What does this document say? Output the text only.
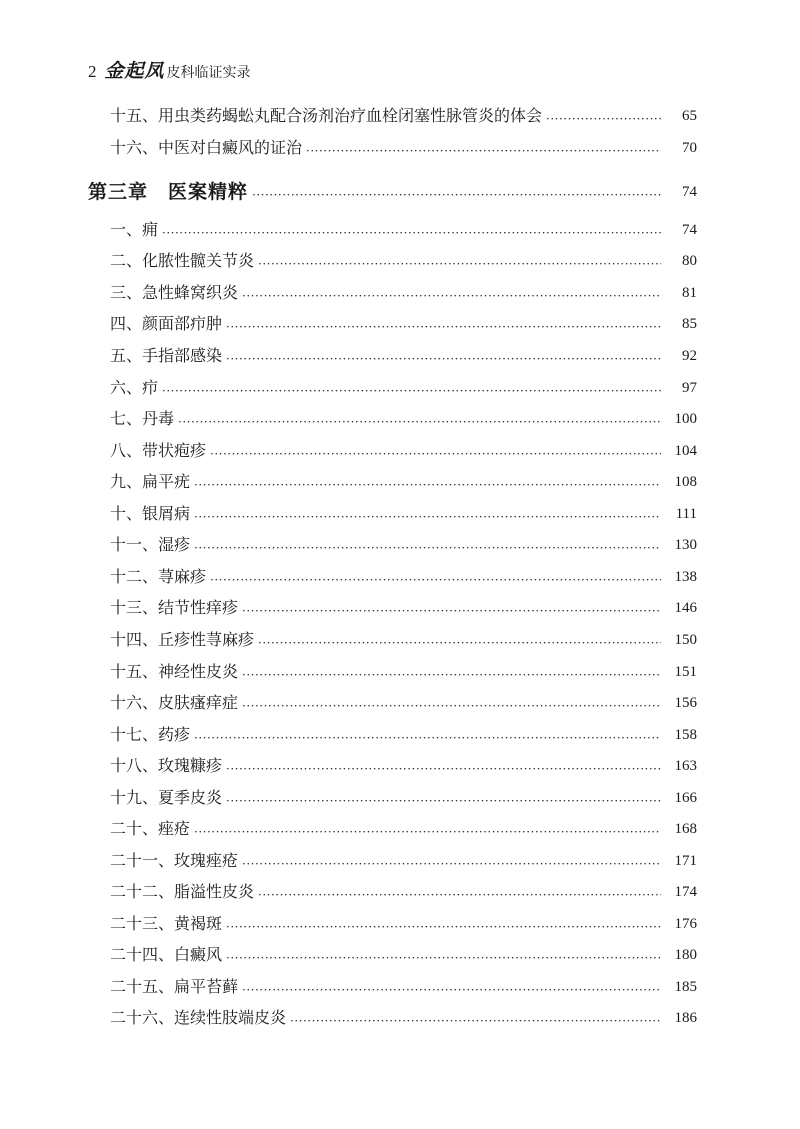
2 金起凤 皮科临证实录
十五、用虫类药蝎蚣丸配合汤剂治疗血栓闭塞性脉管炎的体会 ·····	65
十六、中医对白癜风的证治 ·····	70
第三章　医案精粹 ·····	74
一、痈 ·····	74
二、化脓性髋关节炎 ·····	80
三、急性蜂窝织炎 ·····	81
四、颜面部疖肿 ·····	85
五、手指部感染 ·····	92
六、疖 ·····	97
七、丹毒 ·····	100
八、带状疱疹 ·····	104
九、扁平疣 ·····	108
十、银屑病 ·····	111
十一、湿疹 ·····	130
十二、荨麻疹 ·····	138
十三、结节性痒疹 ·····	146
十四、丘疹性荨麻疹 ·····	150
十五、神经性皮炎 ·····	151
十六、皮肤瘙痒症 ·····	156
十七、药疹 ·····	158
十八、玫瑰糠疹 ·····	163
十九、夏季皮炎 ·····	166
二十、痤疮 ·····	168
二十一、玫瑰痤疮 ·····	171
二十二、脂溢性皮炎 ·····	174
二十三、黄褐斑 ·····	176
二十四、白癜风 ·····	180
二十五、扁平苔藓 ·····	185
二十六、连续性肢端皮炎 ·····	186
